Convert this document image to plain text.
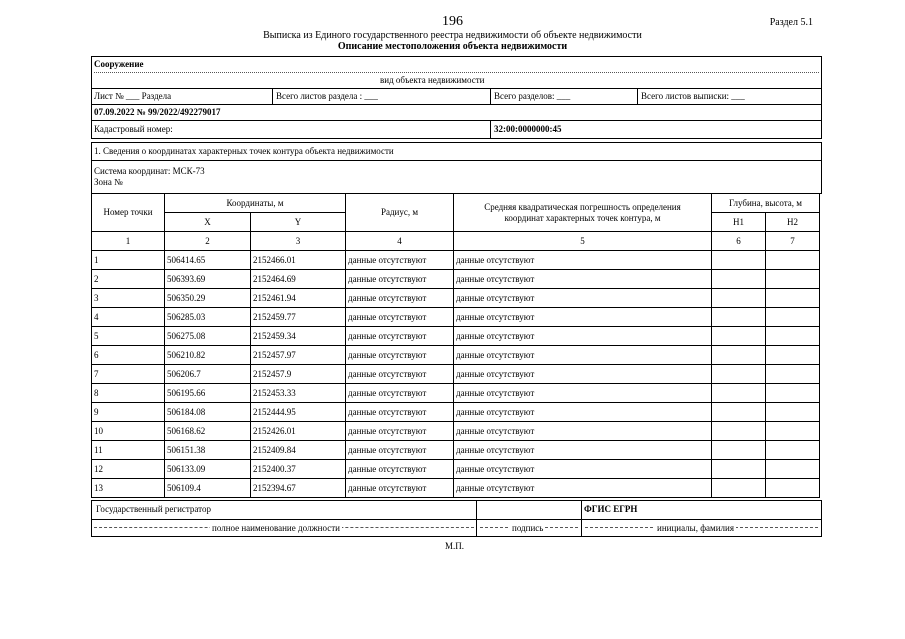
196	Раздел 5.1
Выписка из Единого государственного реестра недвижимости об объекте недвижимости
Описание местоположения объекта недвижимости
Сооружение
вид объекта недвижимости
Лист № ___ Раздела	Всего листов раздела : ___	Всего разделов: ___	Всего листов выписки: ___
07.09.2022 № 99/2022/492279017
Кадастровый номер:	32:00:0000000:45
1. Сведения о координатах характерных точек контура объекта недвижимости
Система координат: МСК-73
Зона №
Номер точки	Координаты, м		Радиус, м	Средняя квадратическая погрешность определения координат характерных точек контура, м	Глубина, высота, м	
	X	Y			H1	H2
1	2	3	4	5	6	7
1	506414.65	2152466.01	данные отсутствуют	данные отсутствуют		
2	506393.69	2152464.69	данные отсутствуют	данные отсутствуют		
3	506350.29	2152461.94	данные отсутствуют	данные отсутствуют		
4	506285.03	2152459.77	данные отсутствуют	данные отсутствуют		
5	506275.08	2152459.34	данные отсутствуют	данные отсутствуют		
6	506210.82	2152457.97	данные отсутствуют	данные отсутствуют		
7	506206.7	2152457.9	данные отсутствуют	данные отсутствуют		
8	506195.66	2152453.33	данные отсутствуют	данные отсутствуют		
9	506184.08	2152444.95	данные отсутствуют	данные отсутствуют		
10	506168.62	2152426.01	данные отсутствуют	данные отсутствуют		
11	506151.38	2152409.84	данные отсутствуют	данные отсутствуют		
12	506133.09	2152400.37	данные отсутствуют	данные отсутствуют		
13	506109.4	2152394.67	данные отсутствуют	данные отсутствуют		
Государственный регистратор	ФГИС ЕГРН
полное наименование должности	подпись	инициалы, фамилия
М.П.
